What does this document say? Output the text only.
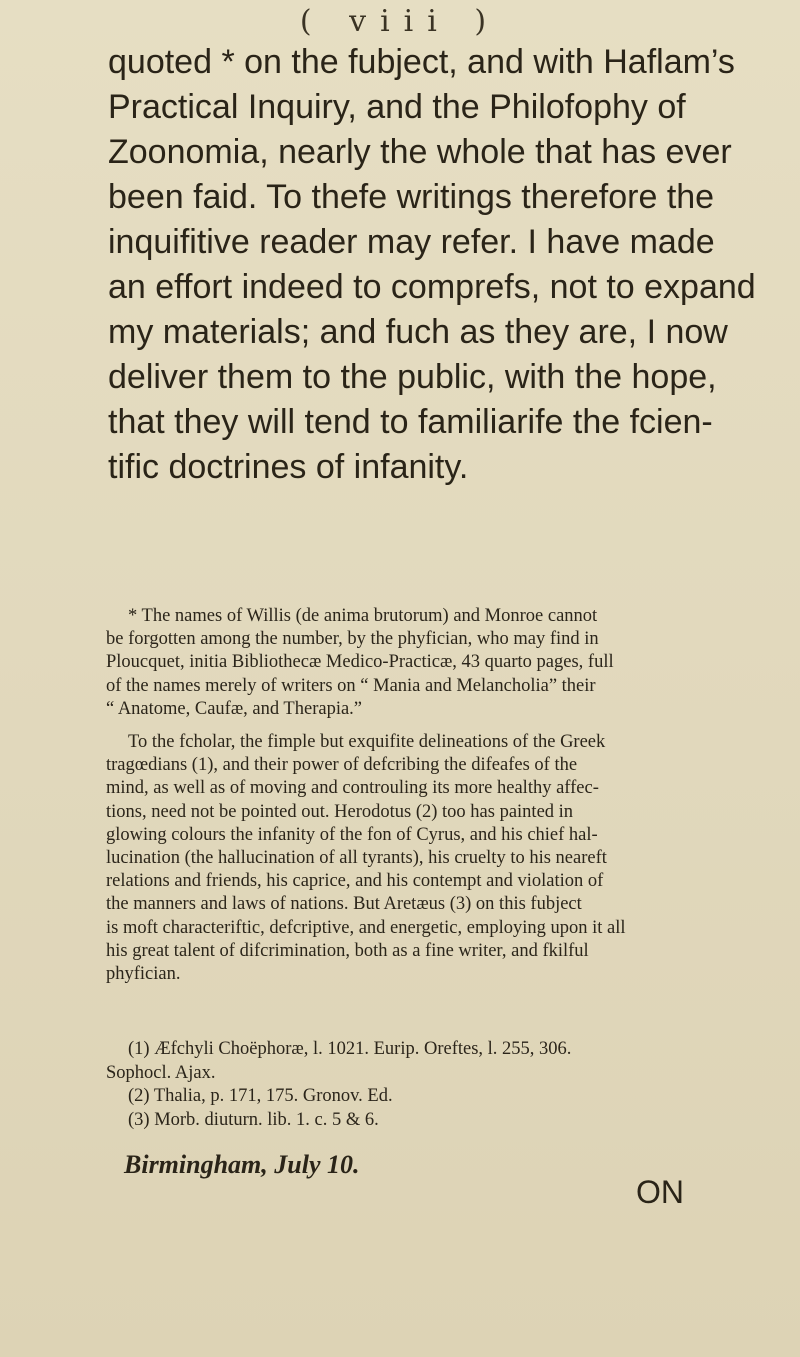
( viii )
quoted * on the fubject, and with Haflam’s
Practical Inquiry, and the Philofophy of
Zoonomia, nearly the whole that has ever
been faid. To thefe writings therefore the
inquifitive reader may refer. I have made
an effort indeed to comprefs, not to expand
my materials; and fuch as they are, I now
deliver them to the public, with the hope,
that they will tend to familiarife the fcien-
tific doctrines of infanity.
* The names of Willis (de anima brutorum) and Monroe cannot
be forgotten among the number, by the phyfician, who may find in
Ploucquet, initia Bibliothecæ Medico-Practicæ, 43 quarto pages, full
of the names merely of writers on “ Mania and Melancholia” their
“ Anatome, Caufæ, and Therapia.”
To the fcholar, the fimple but exquifite delineations of the Greek
tragœdians (1), and their power of defcribing the difeafes of the
mind, as well as of moving and controuling its more healthy affec-
tions, need not be pointed out. Herodotus (2) too has painted in
glowing colours the infanity of the fon of Cyrus, and his chief hal-
lucination (the hallucination of all tyrants), his cruelty to his neareft
relations and friends, his caprice, and his contempt and violation of
the manners and laws of nations. But Aretæus (3) on this fubject
is moft characteriftic, defcriptive, and energetic, employing upon it all
his great talent of difcrimination, both as a fine writer, and fkilful
phyfician.
(1) Æfchyli Choëphoræ, l. 1021. Eurip. Oreftes, l. 255, 306.
Sophocl. Ajax.
(2) Thalia, p. 171, 175. Gronov. Ed.
(3) Morb. diuturn. lib. 1. c. 5 & 6.
Birmingham, July 10.
ON
